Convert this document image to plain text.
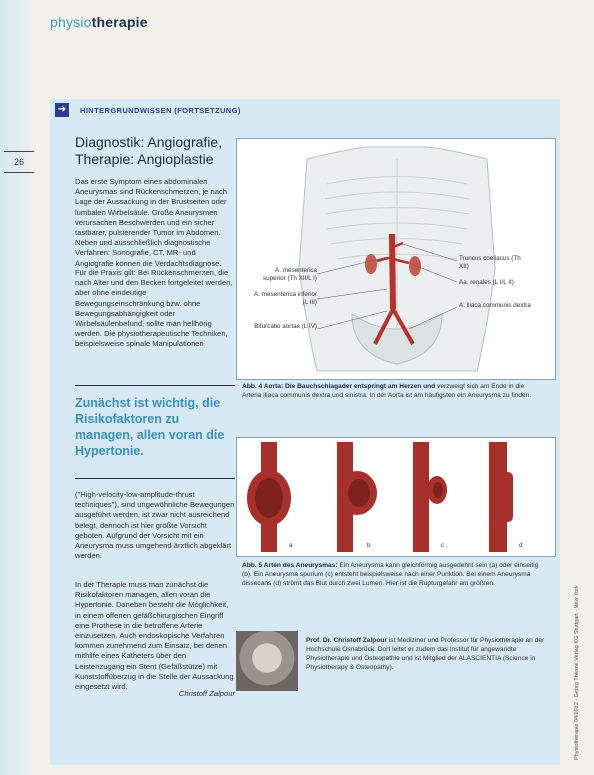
26
physiotherapie
➔	HINTERGRUNDWISSEN (FORTSETZUNG)
Diagnostik: Angiografie, Therapie: Angioplastie
Das erste Symptom eines abdominalen Aneurysmas sind Rückenschmerzen, je nach Lage der Aussackung in der Brustseiten oder lumbalen Wirbelsäule. Große Aneurysmen verursachen Beschwerden und ein sicher tastbarer, pulsierender Tumor im Abdomen. Neben und ausschließlich diagnostische Verfahren: Sonografie, CT, MR- und Angiografie können die Verdachtsdiagnose.
Für die Praxis gilt: Bei Rückenschmerzen, die nach Alter und den Becken fortgeleitet werden, aber ohne eindeutige Bewegungseinschränkung bzw. ohne Bewegungsabhängigkeit oder Wirbelsäulenbefund, sollte man hellhörig werden. Die physiotherapeutische Techniken, beispielsweise spinale Manipulationen
Zunächst ist wichtig, die Risikofaktoren zu managen, allen voran die Hypertonie.
("High-velocity-low-amplitude-thrust techniques"), sind ungewöhnliche Bewegungen ausgeführt werden, ist zwar nicht ausreichend belegt, dennoch ist hier größte Vorsicht geboten. Aufgrund der Vorsicht mit ein Aneurysma muss umgehend ärztlich abgeklärt werden.
In der Therapie muss man zunächst die Risikofaktoren managen, allen voran die Hypertonie. Daneben besteht die Möglichkeit, in einem offenen gefäßchirurgischen Eingriff eine Prothese in die betroffene Arterie einzusetzen. Auch endoskopische Verfahren kommen zunehmend zum Einsatz, bei denen mithilfe eines Katheters über den Leistenzugang ein Stent (Gefäßstütze) mit Kunststoffüberzug in die Stelle der Aussackung eingesetzt wird.
Christoff Zalpour
Truncus coeliacus (Th XII)
Aa. renales (L I/L II)
A. iliaca communis dextra
A. mesenterica superior (Th XII/L I)
A. mesenterica inferior (L III)
Bifurcatio aortae (L IV)
Abb. 4 Aorta: Die Bauchschlagader entspringt am Herzen und verzweigt sich am Ende in die Arteria iliaca communis dextra und sinistra. In der Aorta ist am häufigsten ein Aneurysma zu finden.
a	b	c	d
Abb. 5 Arten des Aneurysmas: Ein Aneurysma kann gleichförmig ausgedehnt sein (a) oder einseitig (b). Ein Aneurysma spurium (c) entsteht beispielsweise nach einer Punktion. Bei einem Aneurysma dissecans (d) strömt das Blut durch zwei Lumen. Hier ist die Rupturgefahr am größten.
Prof. Dr. Christoff Zalpour ist Mediziner und Professor für Physiotherapie an der Hochschule Osnabrück. Dort leitet er zudem das Institut für angewandte Physiotherapie und Osteopathie und ist Mitglied der ALASCIENTIA (Science in Physiotherapy & Osteopathy).	Physiotherapie 04/2012 · Georg Thieme Verlag KG Stuttgart · New York
